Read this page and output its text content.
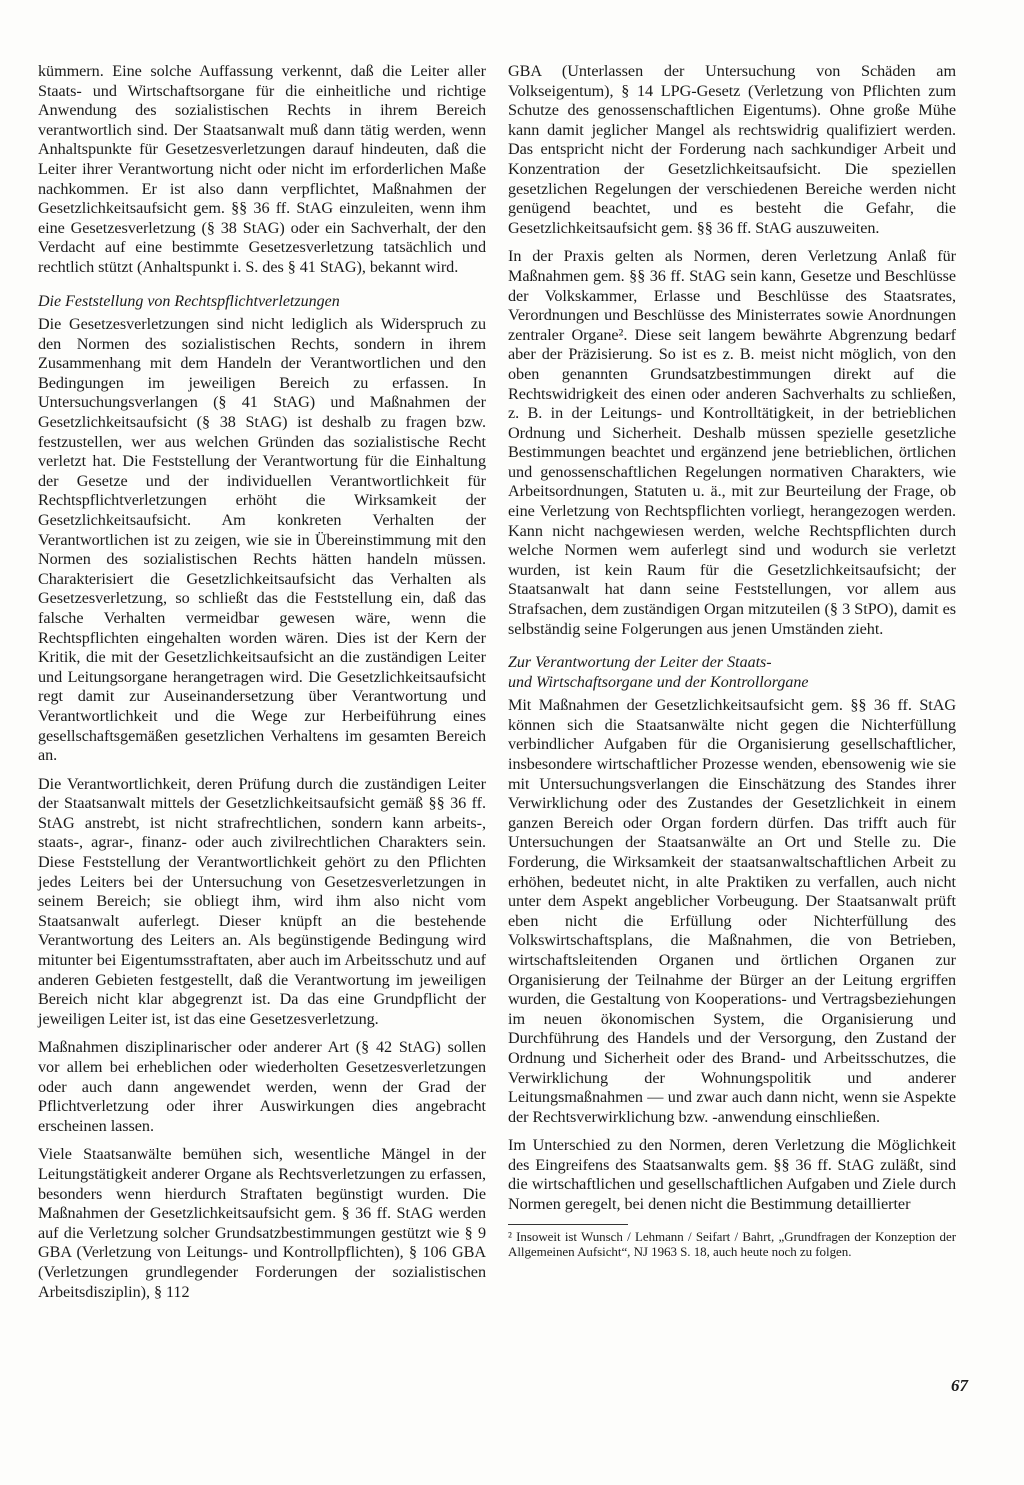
kümmern. Eine solche Auffassung verkennt, daß die Leiter aller Staats- und Wirtschaftsorgane für die einheitliche und richtige Anwendung des sozialistischen Rechts in ihrem Bereich verantwortlich sind. Der Staatsanwalt muß dann tätig werden, wenn Anhaltspunkte für Gesetzesverletzungen darauf hindeuten, daß die Leiter ihrer Verantwortung nicht oder nicht im erforderlichen Maße nachkommen. Er ist also dann verpflichtet, Maßnahmen der Gesetzlichkeitsaufsicht gem. §§ 36 ff. StAG einzuleiten, wenn ihm eine Gesetzesverletzung (§ 38 StAG) oder ein Sachverhalt, der den Verdacht auf eine bestimmte Gesetzesverletzung tatsächlich und rechtlich stützt (Anhaltspunkt i. S. des § 41 StAG), bekannt wird.

Die Feststellung von Rechtspflichtverletzungen

Die Gesetzesverletzungen sind nicht lediglich als Widerspruch zu den Normen des sozialistischen Rechts, sondern in ihrem Zusammenhang mit dem Handeln der Verantwortlichen und den Bedingungen im jeweiligen Bereich zu erfassen. In Untersuchungsverlangen (§ 41 StAG) und Maßnahmen der Gesetzlichkeitsaufsicht (§ 38 StAG) ist deshalb zu fragen bzw. festzustellen, wer aus welchen Gründen das sozialistische Recht verletzt hat. Die Feststellung der Verantwortung für die Einhaltung der Gesetze und der individuellen Verantwortlichkeit für Rechtspflichtverletzungen erhöht die Wirksamkeit der Gesetzlichkeitsaufsicht. Am konkreten Verhalten der Verantwortlichen ist zu zeigen, wie sie in Übereinstimmung mit den Normen des sozialistischen Rechts hätten handeln müssen. Charakterisiert die Gesetzlichkeitsaufsicht das Verhalten als Gesetzesverletzung, so schließt das die Feststellung ein, daß das falsche Verhalten vermeidbar gewesen wäre, wenn die Rechtspflichten eingehalten worden wären. Dies ist der Kern der Kritik, die mit der Gesetzlichkeitsaufsicht an die zuständigen Leiter und Leitungsorgane herangetragen wird. Die Gesetzlichkeitsaufsicht regt damit zur Auseinandersetzung über Verantwortung und Verantwortlichkeit und die Wege zur Herbeiführung eines gesellschaftsgemäßen gesetzlichen Verhaltens im gesamten Bereich an.

Die Verantwortlichkeit, deren Prüfung durch die zuständigen Leiter der Staatsanwalt mittels der Gesetzlichkeitsaufsicht gemäß §§ 36 ff. StAG anstrebt, ist nicht strafrechtlichen, sondern kann arbeits-, staats-, agrar-, finanz- oder auch zivilrechtlichen Charakters sein. Diese Feststellung der Verantwortlichkeit gehört zu den Pflichten jedes Leiters bei der Untersuchung von Gesetzesverletzungen in seinem Bereich; sie obliegt ihm, wird ihm also nicht vom Staatsanwalt auferlegt. Dieser knüpft an die bestehende Verantwortung des Leiters an. Als begünstigende Bedingung wird mitunter bei Eigentumsstraftaten, aber auch im Arbeitsschutz und auf anderen Gebieten festgestellt, daß die Verantwortung im jeweiligen Bereich nicht klar abgegrenzt ist. Da das eine Grundpflicht der jeweiligen Leiter ist, ist das eine Gesetzesverletzung.

Maßnahmen disziplinarischer oder anderer Art (§ 42 StAG) sollen vor allem bei erheblichen oder wiederholten Gesetzesverletzungen oder auch dann angewendet werden, wenn der Grad der Pflichtverletzung oder ihrer Auswirkungen dies angebracht erscheinen lassen.

Viele Staatsanwälte bemühen sich, wesentliche Mängel in der Leitungstätigkeit anderer Organe als Rechtsverletzungen zu erfassen, besonders wenn hierdurch Straftaten begünstigt wurden. Die Maßnahmen der Gesetzlichkeitsaufsicht gem. § 36 ff. StAG werden auf die Verletzung solcher Grundsatzbestimmungen gestützt wie § 9 GBA (Verletzung von Leitungs- und Kontrollpflichten), § 106 GBA (Verletzungen grundlegender Forderungen der sozialistischen Arbeitsdisziplin), § 112

GBA (Unterlassen der Untersuchung von Schäden am Volkseigentum), § 14 LPG-Gesetz (Verletzung von Pflichten zum Schutze des genossenschaftlichen Eigentums). Ohne große Mühe kann damit jeglicher Mangel als rechtswidrig qualifiziert werden. Das entspricht nicht der Forderung nach sachkundiger Arbeit und Konzentration der Gesetzlichkeitsaufsicht. Die speziellen gesetzlichen Regelungen der verschiedenen Bereiche werden nicht genügend beachtet, und es besteht die Gefahr, die Gesetzlichkeitsaufsicht gem. §§ 36 ff. StAG auszuweiten.

In der Praxis gelten als Normen, deren Verletzung Anlaß für Maßnahmen gem. §§ 36 ff. StAG sein kann, Gesetze und Beschlüsse der Volkskammer, Erlasse und Beschlüsse des Staatsrates, Verordnungen und Beschlüsse des Ministerrates sowie Anordnungen zentraler Organe². Diese seit langem bewährte Abgrenzung bedarf aber der Präzisierung. So ist es z. B. meist nicht möglich, von den oben genannten Grundsatzbestimmungen direkt auf die Rechtswidrigkeit des einen oder anderen Sachverhalts zu schließen, z. B. in der Leitungs- und Kontrolltätigkeit, in der betrieblichen Ordnung und Sicherheit. Deshalb müssen spezielle gesetzliche Bestimmungen beachtet und ergänzend jene betrieblichen, örtlichen und genossenschaftlichen Regelungen normativen Charakters, wie Arbeitsordnungen, Statuten u. ä., mit zur Beurteilung der Frage, ob eine Verletzung von Rechtspflichten vorliegt, herangezogen werden. Kann nicht nachgewiesen werden, welche Rechtspflichten durch welche Normen wem auferlegt sind und wodurch sie verletzt wurden, ist kein Raum für die Gesetzlichkeitsaufsicht; der Staatsanwalt hat dann seine Feststellungen, vor allem aus Strafsachen, dem zuständigen Organ mitzuteilen (§ 3 StPO), damit es selbständig seine Folgerungen aus jenen Umständen zieht.

Zur Verantwortung der Leiter der Staats-
und Wirtschaftsorgane und der Kontrollorgane

Mit Maßnahmen der Gesetzlichkeitsaufsicht gem. §§ 36 ff. StAG können sich die Staatsanwälte nicht gegen die Nichterfüllung verbindlicher Aufgaben für die Organisierung gesellschaftlicher, insbesondere wirtschaftlicher Prozesse wenden, ebensowenig wie sie mit Untersuchungsverlangen die Einschätzung des Standes ihrer Verwirklichung oder des Zustandes der Gesetzlichkeit in einem ganzen Bereich oder Organ fordern dürfen. Das trifft auch für Untersuchungen der Staatsanwälte an Ort und Stelle zu. Die Forderung, die Wirksamkeit der staatsanwaltschaftlichen Arbeit zu erhöhen, bedeutet nicht, in alte Praktiken zu verfallen, auch nicht unter dem Aspekt angeblicher Vorbeugung. Der Staatsanwalt prüft eben nicht die Erfüllung oder Nichterfüllung des Volkswirtschaftsplans, die Maßnahmen, die von Betrieben, wirtschaftsleitenden Organen und örtlichen Organen zur Organisierung der Teilnahme der Bürger an der Leitung ergriffen wurden, die Gestaltung von Kooperations- und Vertragsbeziehungen im neuen ökonomischen System, die Organisierung und Durchführung des Handels und der Versorgung, den Zustand der Ordnung und Sicherheit oder des Brand- und Arbeitsschutzes, die Verwirklichung der Wohnungspolitik und anderer Leitungsmaßnahmen — und zwar auch dann nicht, wenn sie Aspekte der Rechtsverwirklichung bzw. -anwendung einschließen.

Im Unterschied zu den Normen, deren Verletzung die Möglichkeit des Eingreifens des Staatsanwalts gem. §§ 36 ff. StAG zuläßt, sind die wirtschaftlichen und gesellschaftlichen Aufgaben und Ziele durch Normen geregelt, bei denen nicht die Bestimmung detaillierter

² Insoweit ist Wunsch / Lehmann / Seifart / Bahrt, „Grundfragen der Konzeption der Allgemeinen Aufsicht“, NJ 1963 S. 18, auch heute noch zu folgen.

67
